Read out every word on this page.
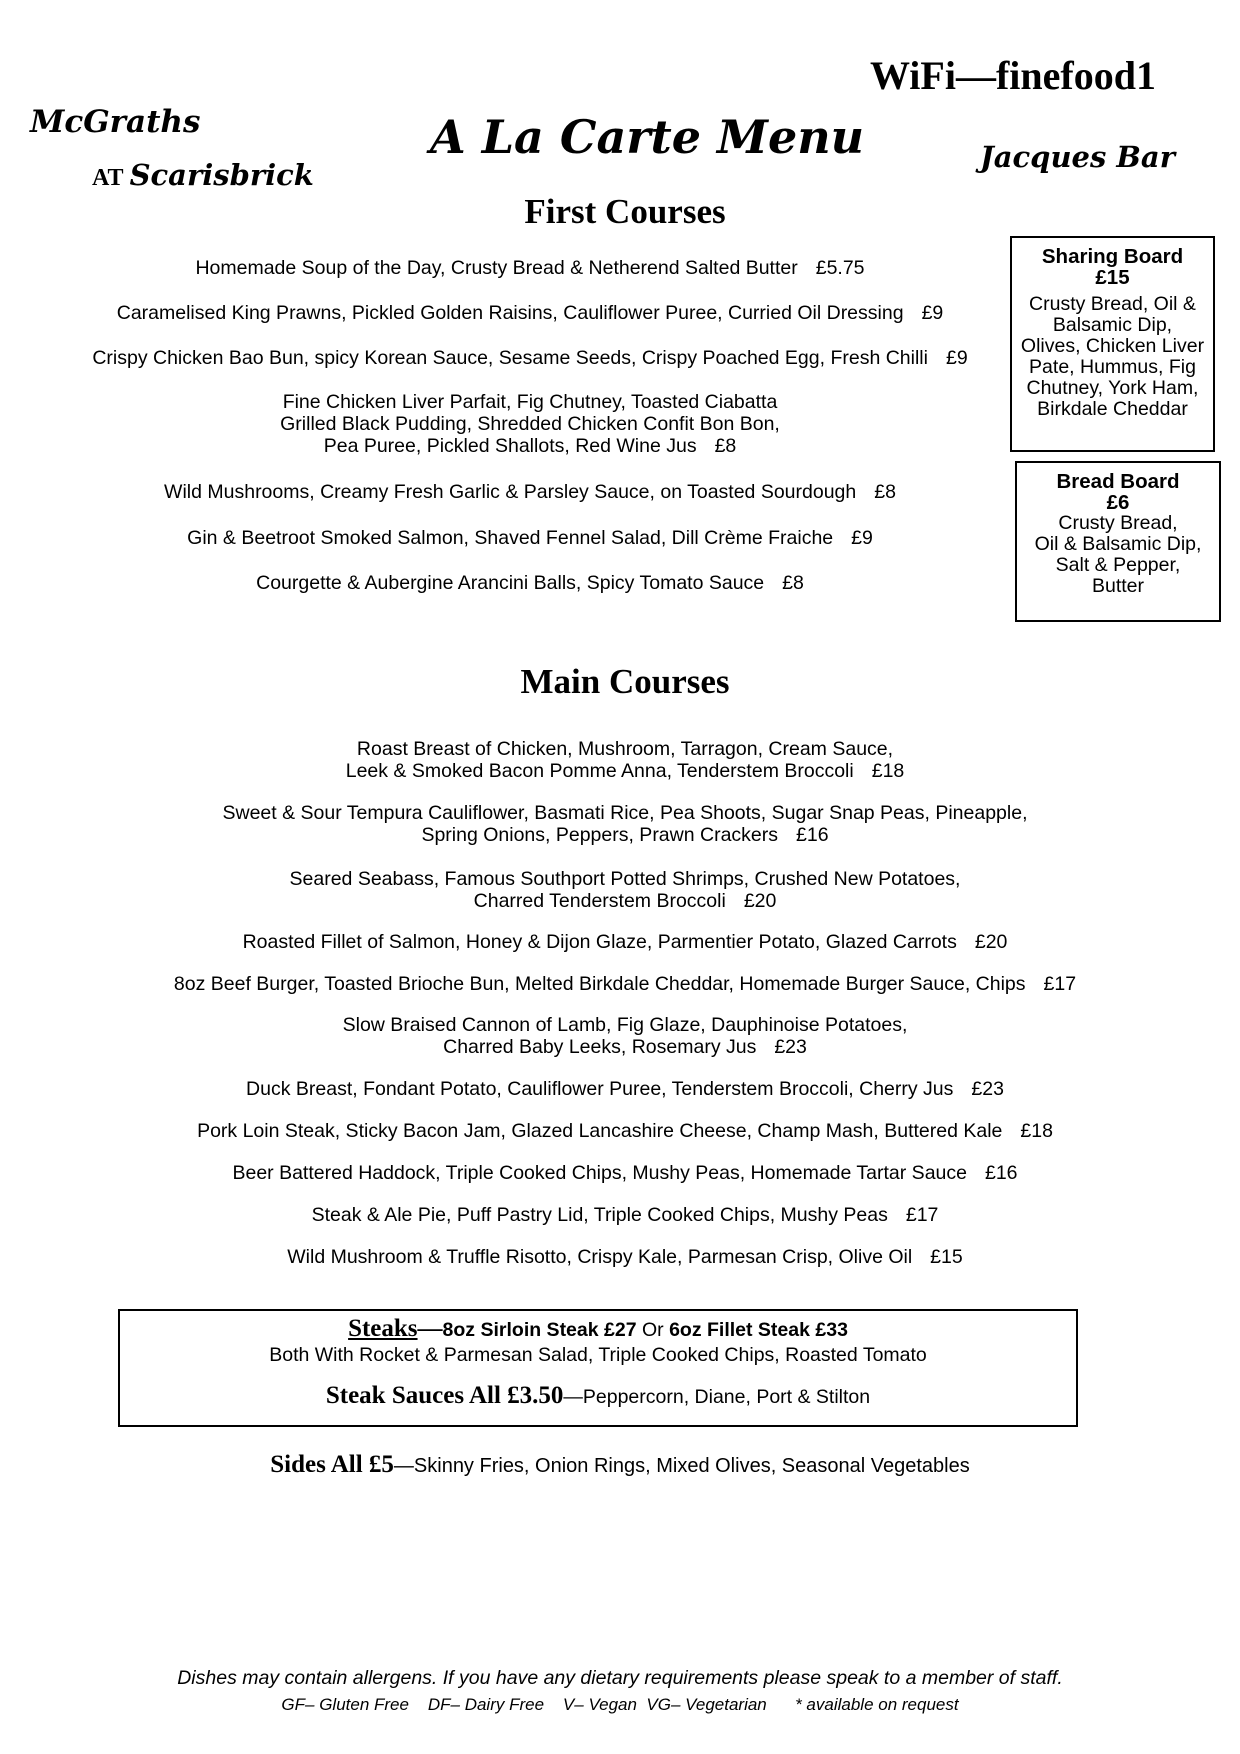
WiFi—finefood1
McGraths
AT Scarisbrick
A La Carte Menu	Jacques Bar
First Courses
Homemade Soup of the Day, Crusty Bread & Netherend Salted Butter £5.75
Caramelised King Prawns, Pickled Golden Raisins, Cauliflower Puree, Curried Oil Dressing £9
Crispy Chicken Bao Bun, spicy Korean Sauce, Sesame Seeds, Crispy Poached Egg, Fresh Chilli £9
Fine Chicken Liver Parfait, Fig Chutney, Toasted Ciabatta
Grilled Black Pudding, Shredded Chicken Confit Bon Bon,
Pea Puree, Pickled Shallots, Red Wine Jus £8
Wild Mushrooms, Creamy Fresh Garlic & Parsley Sauce, on Toasted Sourdough £8
Gin & Beetroot Smoked Salmon, Shaved Fennel Salad, Dill Crème Fraiche £9
Courgette & Aubergine Arancini Balls, Spicy Tomato Sauce £8
Sharing Board
£15
Crusty Bread, Oil &
Balsamic Dip,
Olives, Chicken Liver
Pate, Hummus, Fig
Chutney, York Ham,
Birkdale Cheddar
Bread Board
£6
Crusty Bread,
Oil & Balsamic Dip,
Salt & Pepper,
Butter
Main Courses
Roast Breast of Chicken, Mushroom, Tarragon, Cream Sauce,
Leek & Smoked Bacon Pomme Anna, Tenderstem Broccoli £18
Sweet & Sour Tempura Cauliflower, Basmati Rice, Pea Shoots, Sugar Snap Peas, Pineapple,
Spring Onions, Peppers, Prawn Crackers £16
Seared Seabass, Famous Southport Potted Shrimps, Crushed New Potatoes,
Charred Tenderstem Broccoli £20
Roasted Fillet of Salmon, Honey & Dijon Glaze, Parmentier Potato, Glazed Carrots £20
8oz Beef Burger, Toasted Brioche Bun, Melted Birkdale Cheddar, Homemade Burger Sauce, Chips £17
Slow Braised Cannon of Lamb, Fig Glaze, Dauphinoise Potatoes,
Charred Baby Leeks, Rosemary Jus £23
Duck Breast, Fondant Potato, Cauliflower Puree, Tenderstem Broccoli, Cherry Jus £23
Pork Loin Steak, Sticky Bacon Jam, Glazed Lancashire Cheese, Champ Mash, Buttered Kale £18
Beer Battered Haddock, Triple Cooked Chips, Mushy Peas, Homemade Tartar Sauce £16
Steak & Ale Pie, Puff Pastry Lid, Triple Cooked Chips, Mushy Peas £17
Wild Mushroom & Truffle Risotto, Crispy Kale, Parmesan Crisp, Olive Oil £15
Steaks—8oz Sirloin Steak £27 Or 6oz Fillet Steak £33
Both With Rocket & Parmesan Salad, Triple Cooked Chips, Roasted Tomato
Steak Sauces All £3.50—Peppercorn, Diane, Port & Stilton
Sides All £5—Skinny Fries, Onion Rings, Mixed Olives, Seasonal Vegetables
Dishes may contain allergens. If you have any dietary requirements please speak to a member of staff.
GF– Gluten Free    DF– Dairy Free    V– Vegan  VG– Vegetarian      * available on request
